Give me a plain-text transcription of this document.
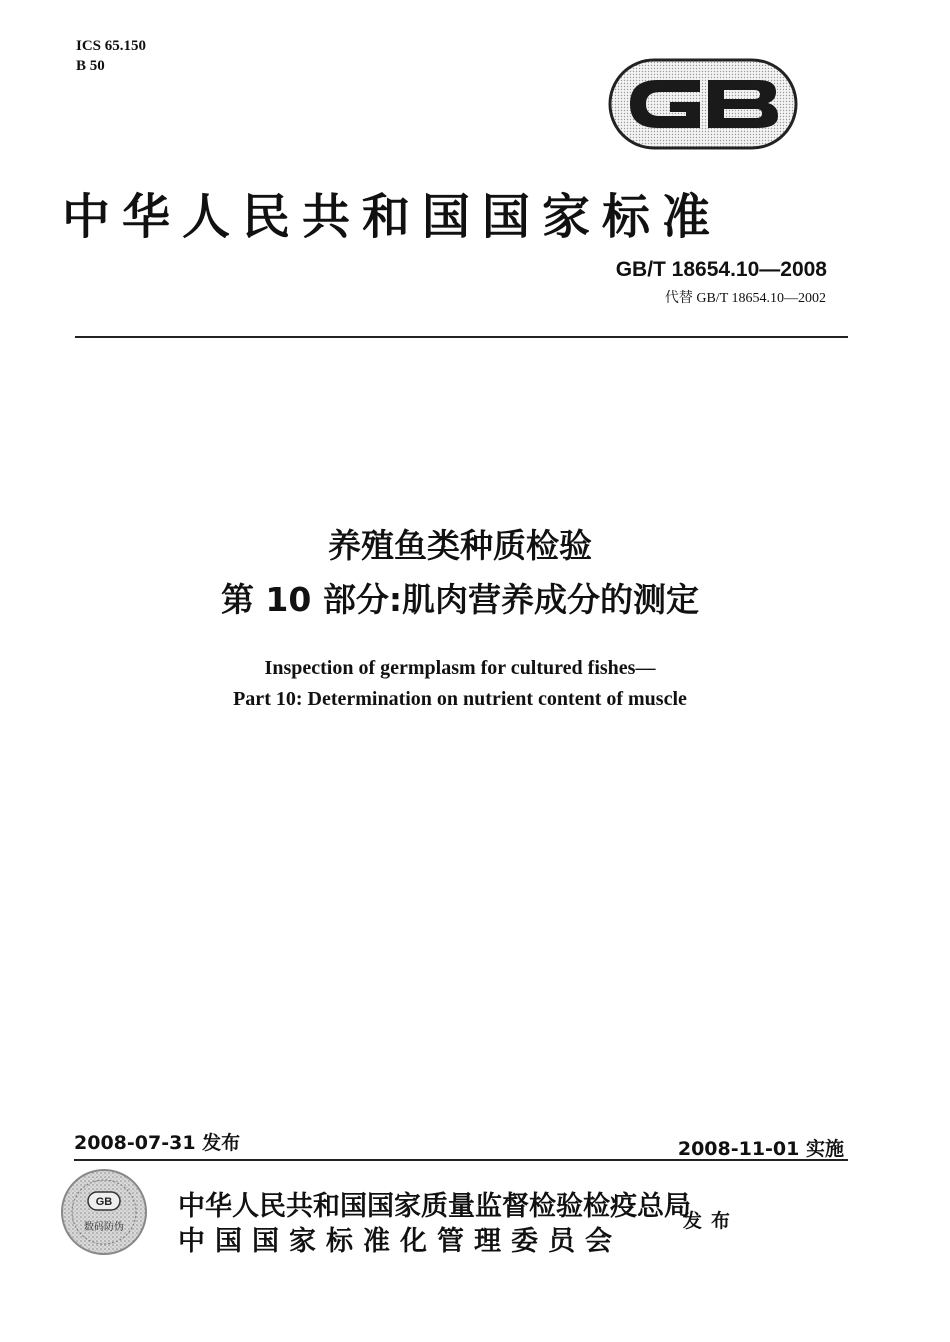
ICS 65.150
B 50
中华人民共和国国家标准
GB/T 18654.10—2008
代替 GB/T 18654.10—2002
养殖鱼类种质检验
第 10 部分:肌肉营养成分的测定
Inspection of germplasm for cultured fishes—
Part 10: Determination on nutrient content of muscle
2008-07-31 发布	2008-11-01 实施
GB
数码防伪
中华人民共和国国家质量监督检验检疫总局
中国国家标准化管理委员会
发布
